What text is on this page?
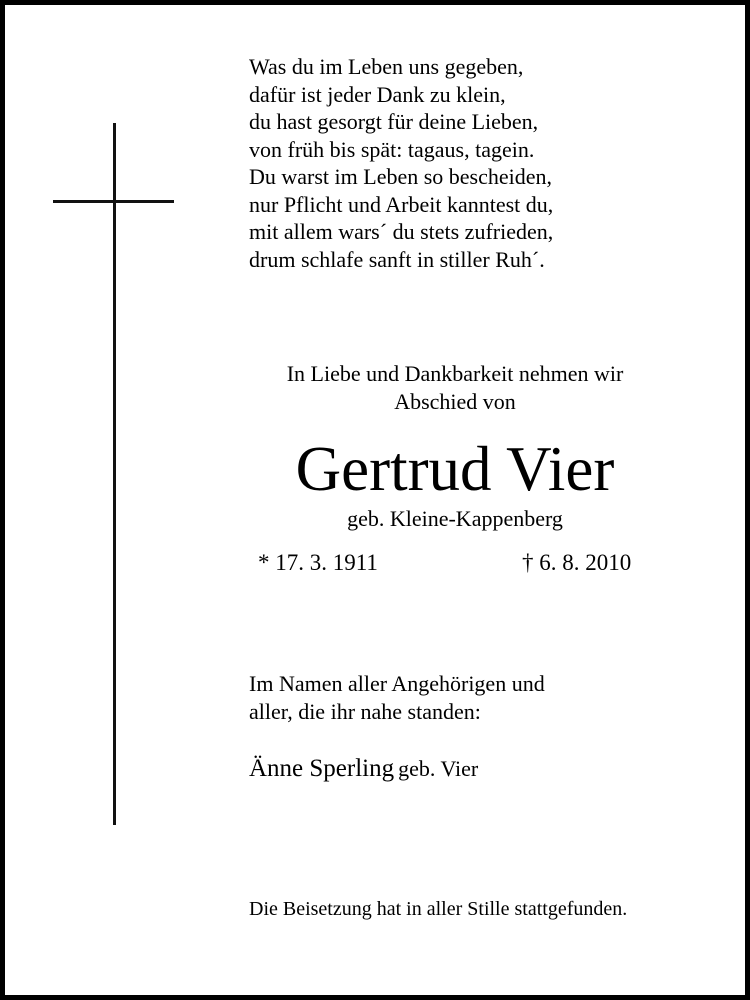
Was du im Leben uns gegeben,
dafür ist jeder Dank zu klein,
du hast gesorgt für deine Lieben,
von früh bis spät: tagaus, tagein.
Du warst im Leben so bescheiden,
nur Pflicht und Arbeit kanntest du,
mit allem wars´ du stets zufrieden,
drum schlafe sanft in stiller Ruh´.
In Liebe und Dankbarkeit nehmen wir
Abschied von
Gertrud Vier
geb. Kleine-Kappenberg
* 17. 3. 1911	† 6. 8. 2010
Im Namen aller Angehörigen und
aller, die ihr nahe standen:
Änne Sperling geb. Vier
Die Beisetzung hat in aller Stille stattgefunden.
